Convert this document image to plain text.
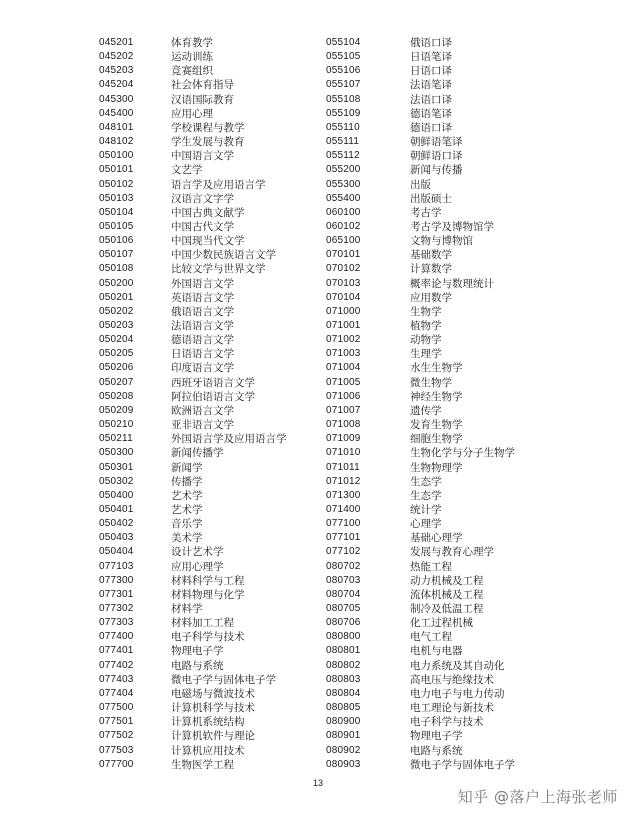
045201	体育教学
045202	运动训练
045203	竞赛组织
045204	社会体育指导
045300	汉语国际教育
045400	应用心理
048101	学校课程与教学
048102	学生发展与教育
050100	中国语言文学
050101	文艺学
050102	语言学及应用语言学
050103	汉语言文字学
050104	中国古典文献学
050105	中国古代文学
050106	中国现当代文学
050107	中国少数民族语言文学
050108	比较文学与世界文学
050200	外国语言文学
050201	英语语言文学
050202	俄语语言文学
050203	法语语言文学
050204	德语语言文学
050205	日语语言文学
050206	印度语言文学
050207	西班牙语语言文学
050208	阿拉伯语语言文学
050209	欧洲语言文学
050210	亚非语言文学
050211	外国语言学及应用语言学
050300	新闻传播学
050301	新闻学
050302	传播学
050400	艺术学
050401	艺术学
050402	音乐学
050403	美术学
050404	设计艺术学
077103	应用心理学
077300	材料科学与工程
077301	材料物理与化学
077302	材料学
077303	材料加工工程
077400	电子科学与技术
077401	物理电子学
077402	电路与系统
077403	微电子学与固体电子学
077404	电磁场与微波技术
077500	计算机科学与技术
077501	计算机系统结构
077502	计算机软件与理论
077503	计算机应用技术
077700	生物医学工程
055104	俄语口译
055105	日语笔译
055106	日语口译
055107	法语笔译
055108	法语口译
055109	德语笔译
055110	德语口译
055111	朝鲜语笔译
055112	朝鲜语口译
055200	新闻与传播
055300	出版
055400	出版硕士
060100	考古学
060102	考古学及博物馆学
065100	文物与博物馆
070101	基础数学
070102	计算数学
070103	概率论与数理统计
070104	应用数学
071000	生物学
071001	植物学
071002	动物学
071003	生理学
071004	水生生物学
071005	微生物学
071006	神经生物学
071007	遗传学
071008	发育生物学
071009	细胞生物学
071010	生物化学与分子生物学
071011	生物物理学
071012	生态学
071300	生态学
071400	统计学
077100	心理学
077101	基础心理学
077102	发展与教育心理学
080702	热能工程
080703	动力机械及工程
080704	流体机械及工程
080705	制冷及低温工程
080706	化工过程机械
080800	电气工程
080801	电机与电器
080802	电力系统及其自动化
080803	高电压与绝缘技术
080804	电力电子与电力传动
080805	电工理论与新技术
080900	电子科学与技术
080901	物理电子学
080902	电路与系统
080903	微电子学与固体电子学
13
知乎 @落户上海张老师
